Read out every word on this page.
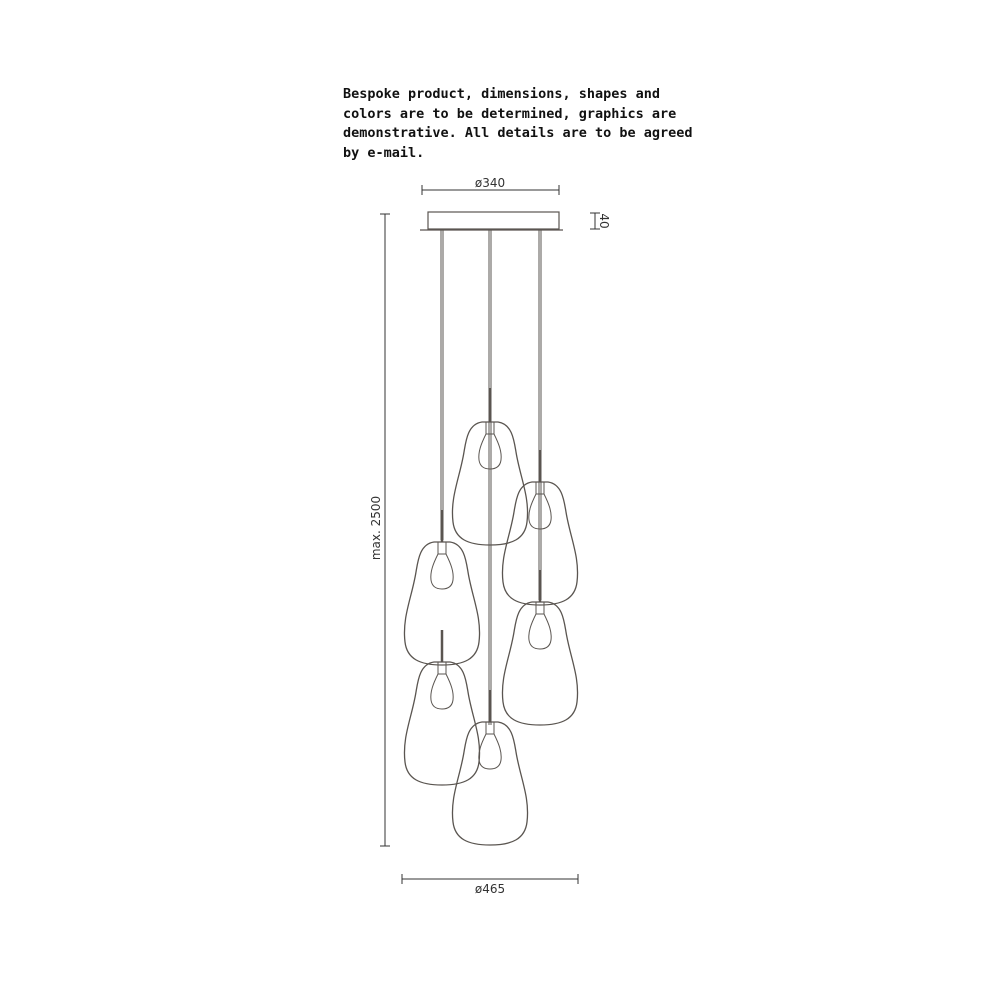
Bespoke product, dimensions, shapes and
colors are to be determined, graphics are
demonstrative. All details are to be agreed
by e-mail.
ø340
40
max. 2500
ø465
